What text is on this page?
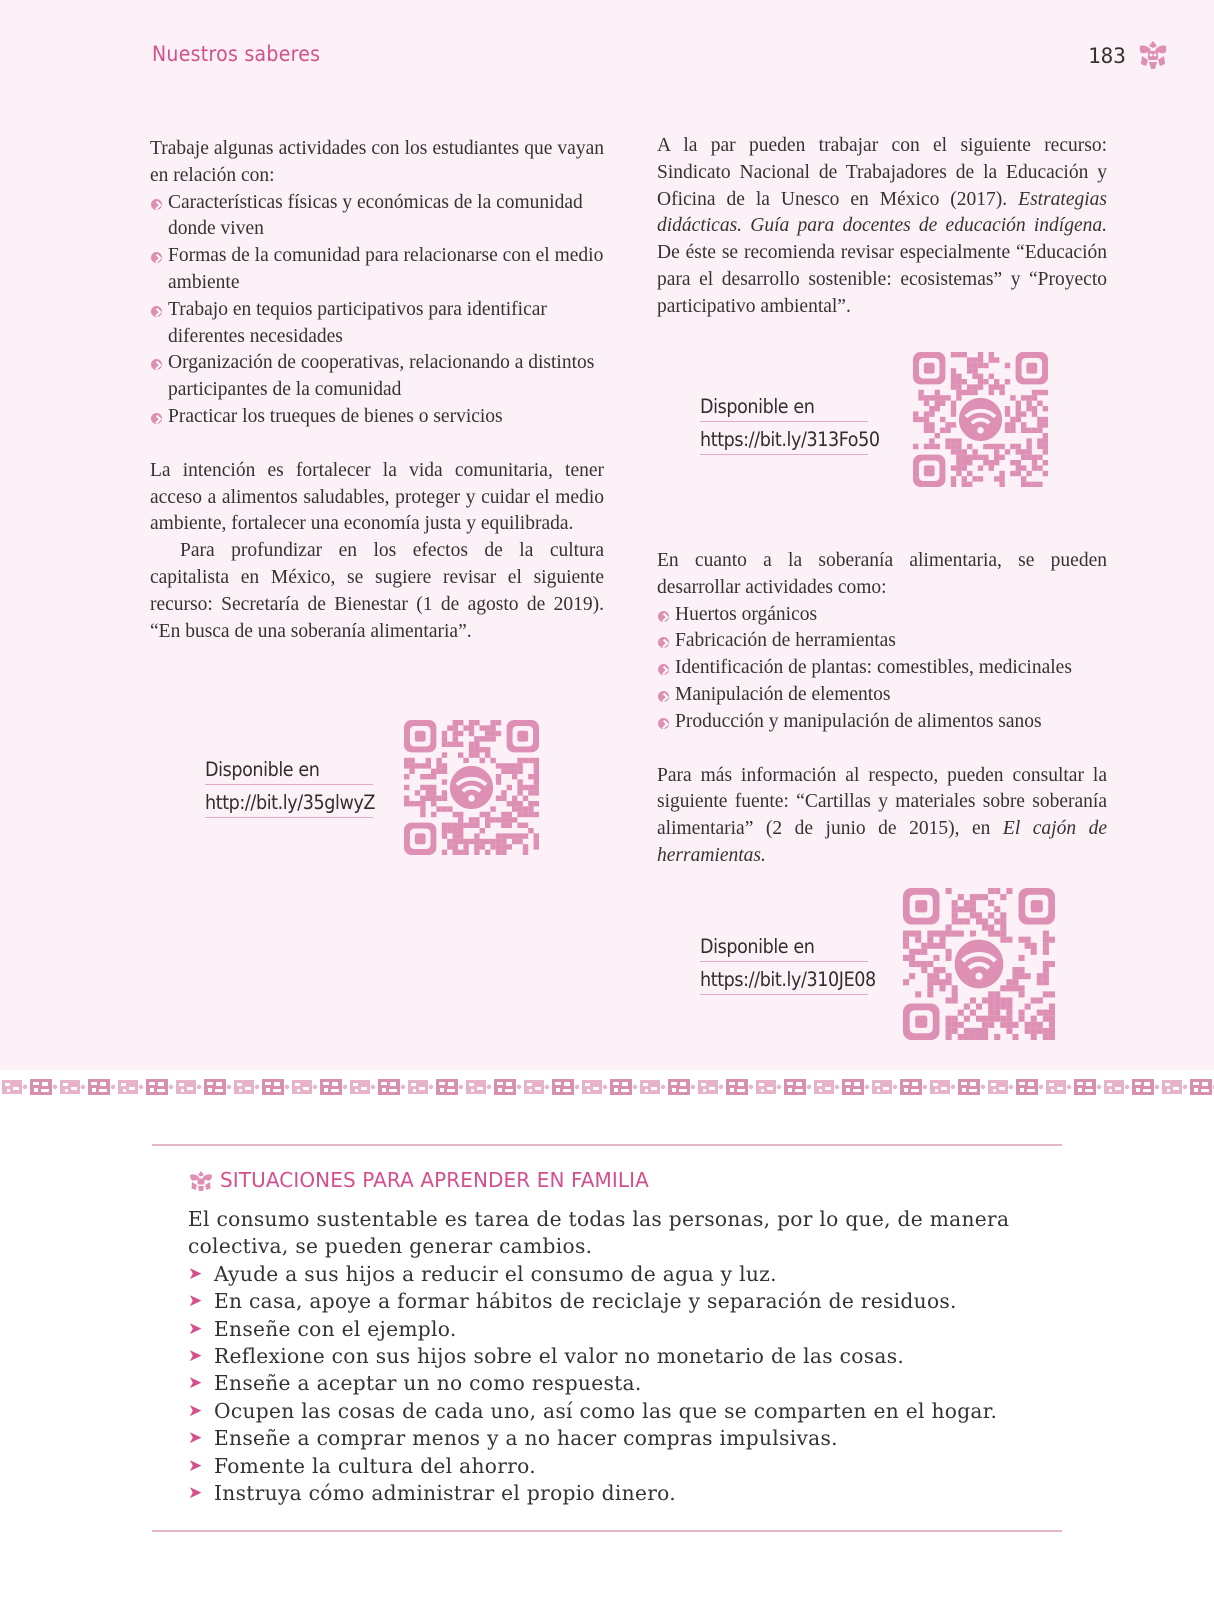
Nuestros saberes	183

Trabaje algunas actividades con los estudiantes que vayan en relación con:

Características físicas y económicas de la comunidad donde viven
Formas de la comunidad para relacionarse con el medio ambiente
Trabajo en tequios participativos para identificar diferentes necesidades
Organización de cooperativas, relacionando a distintos participantes de la comunidad
Practicar los trueques de bienes o servicios

La intención es fortalecer la vida comunitaria, tener acceso a alimentos saludables, proteger y cuidar el medio ambiente, fortalecer una economía justa y equilibrada.

Para profundizar en los efectos de la cultura capitalista en México, se sugiere revisar el siguiente recurso: Secretaría de Bienestar (1 de agosto de 2019). “En busca de una soberanía alimentaria”.

Disponible en
http://bit.ly/35glwyZ

A la par pueden trabajar con el siguiente recurso: Sindicato Nacional de Trabajadores de la Educación y Oficina de la Unesco en México (2017). Estrategias didácticas. Guía para docentes de educación indígena. De éste se recomienda revisar especialmente “Educación para el desarrollo sostenible: ecosistemas” y “Proyecto participativo ambiental”.

Disponible en
https://bit.ly/313Fo50

En cuanto a la soberanía alimentaria, se pueden desarrollar actividades como:

Huertos orgánicos
Fabricación de herramientas
Identificación de plantas: comestibles, medicinales
Manipulación de elementos
Producción y manipulación de alimentos sanos

Para más información al respecto, pueden consultar la siguiente fuente: “Cartillas y materiales sobre soberanía alimentaria” (2 de junio de 2015), en El cajón de herramientas.

Disponible en
https://bit.ly/310JE08
SITUACIONES PARA APRENDER EN FAMILIA

El consumo sustentable es tarea de todas las personas, por lo que, de manera colectiva, se pueden generar cambios.

➤ Ayude a sus hijos a reducir el consumo de agua y luz.
➤ En casa, apoye a formar hábitos de reciclaje y separación de residuos.
➤ Enseñe con el ejemplo.
➤ Reflexione con sus hijos sobre el valor no monetario de las cosas.
➤ Enseñe a aceptar un no como respuesta.
➤ Ocupen las cosas de cada uno, así como las que se comparten en el hogar.
➤ Enseñe a comprar menos y a no hacer compras impulsivas.
➤ Fomente la cultura del ahorro.
➤ Instruya cómo administrar el propio dinero.
